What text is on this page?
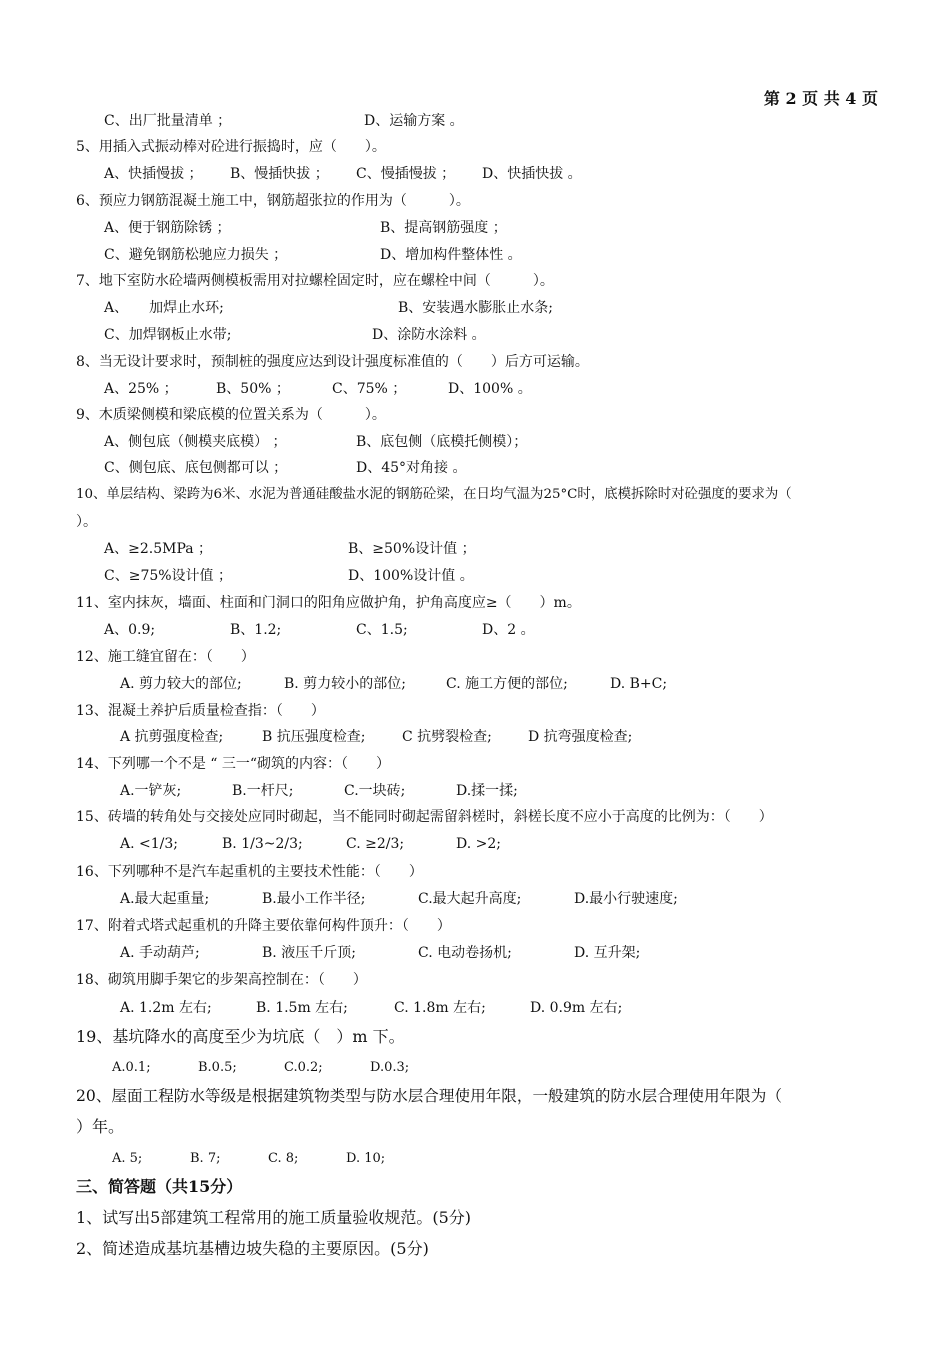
第 2 页 共 4 页
C、出厂批量清单 ；	D、运输方案 。
5、用插入式振动棒对砼进行振捣时，应（　　）。
A、快插慢拔 ； B、慢插快拔 ； C、慢插慢拔 ； D、快插快拔 。
6、预应力钢筋混凝土施工中，钢筋超张拉的作用为（　　　）。
A、便于钢筋除锈 ；	B、提高钢筋强度 ；
C、避免钢筋松驰应力损失 ；	D、增加构件整体性 。
7、地下室防水砼墙两侧模板需用对拉螺栓固定时，应在螺栓中间（　　　）。
A、　　加焊止水环;	B、安装遇水膨胀止水条;
C、加焊钢板止水带;	D、涂防水涂料 。
8、当无设计要求时，预制桩的强度应达到设计强度标准值的（　　）后方可运输。
A、25% ；	B、50% ；	C、75% ；	D、100% 。
9、木质梁侧模和梁底模的位置关系为（　　　）。
A、侧包底（侧模夹底模） ；	B、底包侧（底模托侧模）；
C、侧包底、底包侧都可以 ；	D、45°对角接 。
10、单层结构、梁跨为6米、水泥为普通硅酸盐水泥的钢筋砼梁，在日均气温为25°C时，底模拆除时对砼强度的要求为（
）。
A、≥2.5MPa ；	B、≥50%设计值 ；
C、≥75%设计值 ；	D、100%设计值 。
11、室内抹灰，墙面、柱面和门洞口的阳角应做护角，护角高度应≥（　　）m。
A、0.9;	B、1.2;	C、1.5;	D、2 。
12、施工缝宜留在：（　　）
A. 剪力较大的部位;	B. 剪力较小的部位;	C. 施工方便的部位;	D. B+C;
13、混凝土养护后质量检查指：（　　）
A 抗剪强度检查;	B 抗压强度检查;	C 抗劈裂检查;	D 抗弯强度检查;
14、下列哪一个不是 “ 三一“砌筑的内容：（　　）
A.一铲灰;	B.一杆尺;	C.一块砖;	D.揉一揉;
15、砖墙的转角处与交接处应同时砌起，当不能同时砌起需留斜槎时，斜槎长度不应小于高度的比例为：（　　）
A. <1/3;	B. 1/3~2/3;	C. ≥2/3;	D. >2;
16、下列哪种不是汽车起重机的主要技术性能：（　　）
A.最大起重量;	B.最小工作半径;	C.最大起升高度;	D.最小行驶速度;
17、附着式塔式起重机的升降主要依靠何构件顶升：（　　）
A. 手动葫芦;	B. 液压千斤顶;	C. 电动卷扬机;	D. 互升架;
18、砌筑用脚手架它的步架高控制在：（　　）
A. 1.2m 左右;	B. 1.5m 左右;	C. 1.8m 左右;	D. 0.9m 左右;
19、基坑降水的高度至少为坑底（　）m 下。
A.0.1;	B.0.5;	C.0.2;	D.0.3;
20、屋面工程防水等级是根据建筑物类型与防水层合理使用年限，一般建筑的防水层合理使用年限为（
）年。
A. 5;	B. 7;	C. 8;	D. 10;
三、简答题（共15分）
1、试写出5部建筑工程常用的施工质量验收规范。(5分)
2、简述造成基坑基槽边坡失稳的主要原因。(5分)
